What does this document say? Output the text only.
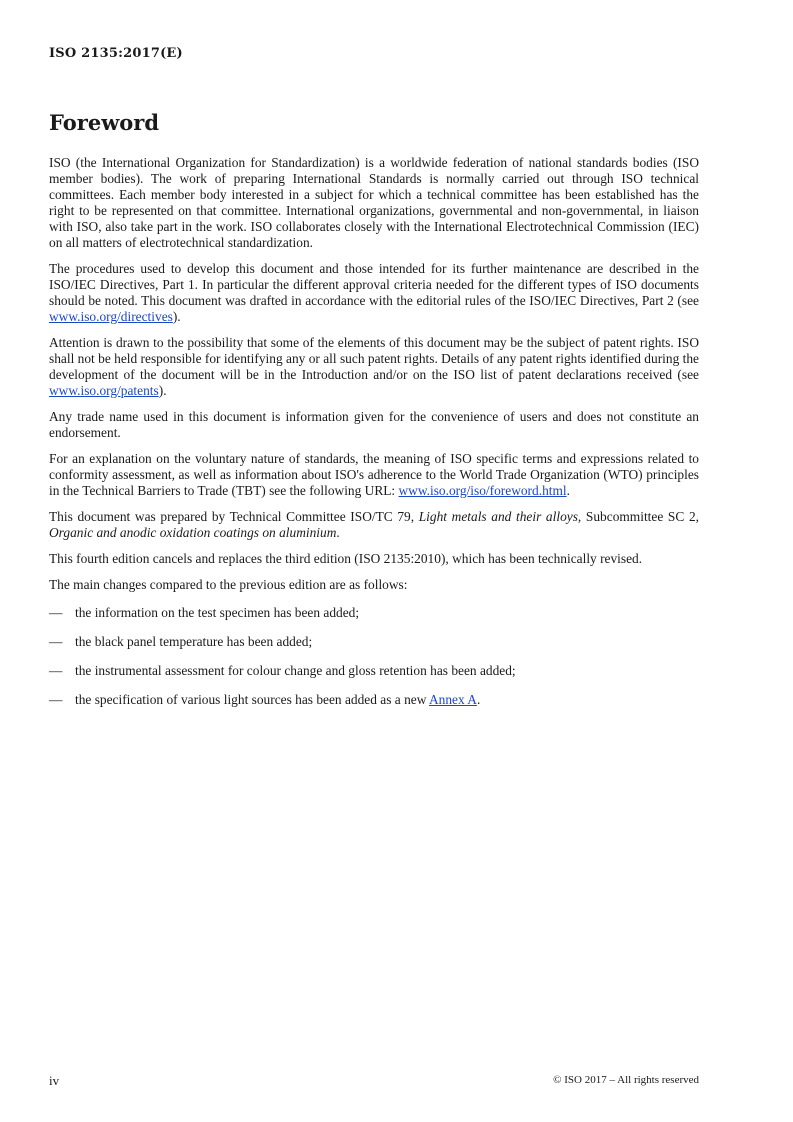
ISO 2135:2017(E)
Foreword

ISO (the International Organization for Standardization) is a worldwide federation of national standards bodies (ISO member bodies). The work of preparing International Standards is normally carried out through ISO technical committees. Each member body interested in a subject for which a technical committee has been established has the right to be represented on that committee. International organizations, governmental and non-governmental, in liaison with ISO, also take part in the work. ISO collaborates closely with the International Electrotechnical Commission (IEC) on all matters of electrotechnical standardization.

The procedures used to develop this document and those intended for its further maintenance are described in the ISO/IEC Directives, Part 1. In particular the different approval criteria needed for the different types of ISO documents should be noted. This document was drafted in accordance with the editorial rules of the ISO/IEC Directives, Part 2 (see www.iso.org/directives).

Attention is drawn to the possibility that some of the elements of this document may be the subject of patent rights. ISO shall not be held responsible for identifying any or all such patent rights. Details of any patent rights identified during the development of the document will be in the Introduction and/or on the ISO list of patent declarations received (see www.iso.org/patents).

Any trade name used in this document is information given for the convenience of users and does not constitute an endorsement.

For an explanation on the voluntary nature of standards, the meaning of ISO specific terms and expressions related to conformity assessment, as well as information about ISO's adherence to the World Trade Organization (WTO) principles in the Technical Barriers to Trade (TBT) see the following URL: www.iso.org/iso/foreword.html.

This document was prepared by Technical Committee ISO/TC 79, Light metals and their alloys, Subcommittee SC 2, Organic and anodic oxidation coatings on aluminium.

This fourth edition cancels and replaces the third edition (ISO 2135:2010), which has been technically revised.

The main changes compared to the previous edition are as follows:

— the information on the test specimen has been added;
— the black panel temperature has been added;
— the instrumental assessment for colour change and gloss retention has been added;
— the specification of various light sources has been added as a new Annex A.
iv	© ISO 2017 – All rights reserved
